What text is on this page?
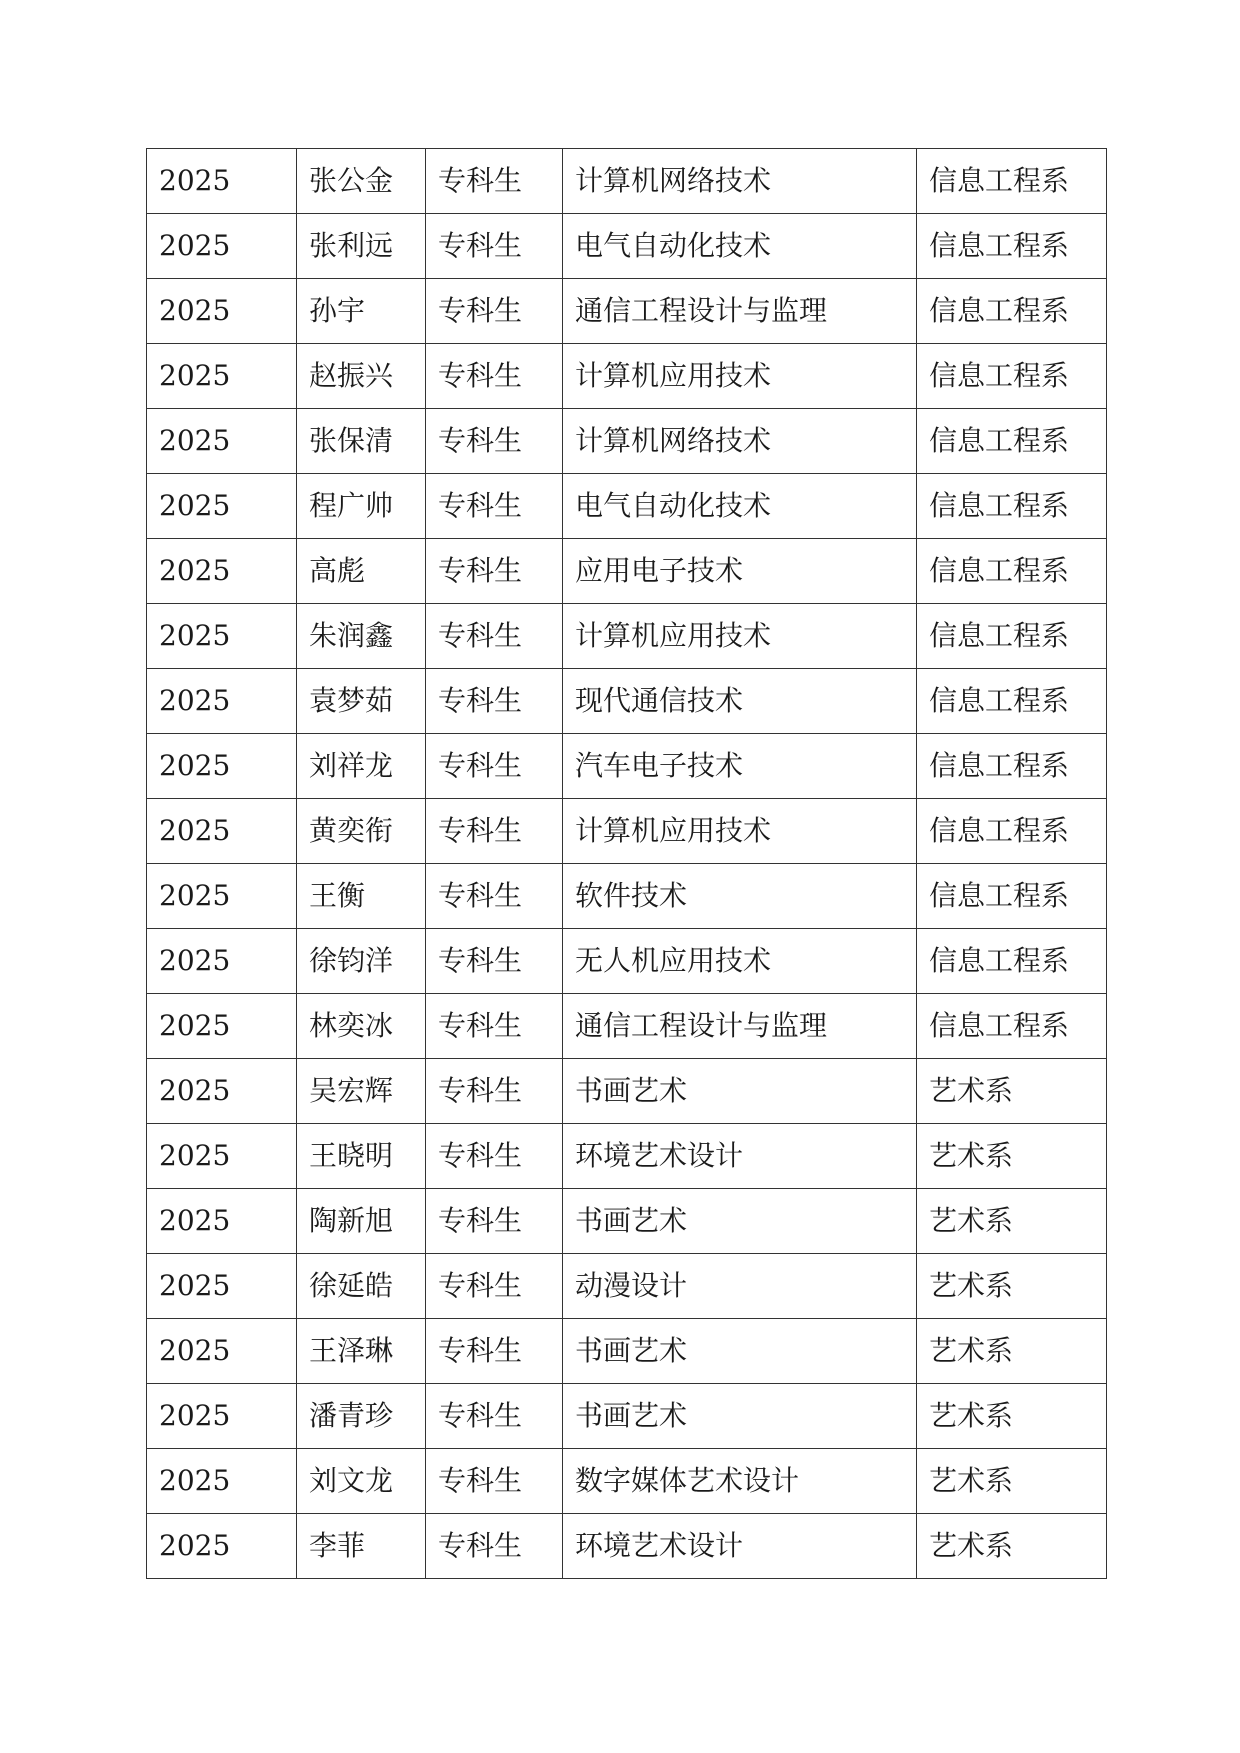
2025	张公金	专科生	计算机网络技术	信息工程系
2025	张利远	专科生	电气自动化技术	信息工程系
2025	孙宇	专科生	通信工程设计与监理	信息工程系
2025	赵振兴	专科生	计算机应用技术	信息工程系
2025	张保清	专科生	计算机网络技术	信息工程系
2025	程广帅	专科生	电气自动化技术	信息工程系
2025	高彪	专科生	应用电子技术	信息工程系
2025	朱润鑫	专科生	计算机应用技术	信息工程系
2025	袁梦茹	专科生	现代通信技术	信息工程系
2025	刘祥龙	专科生	汽车电子技术	信息工程系
2025	黄奕衔	专科生	计算机应用技术	信息工程系
2025	王衡	专科生	软件技术	信息工程系
2025	徐钧洋	专科生	无人机应用技术	信息工程系
2025	林奕冰	专科生	通信工程设计与监理	信息工程系
2025	吴宏辉	专科生	书画艺术	艺术系
2025	王晓明	专科生	环境艺术设计	艺术系
2025	陶新旭	专科生	书画艺术	艺术系
2025	徐延皓	专科生	动漫设计	艺术系
2025	王泽琳	专科生	书画艺术	艺术系
2025	潘青珍	专科生	书画艺术	艺术系
2025	刘文龙	专科生	数字媒体艺术设计	艺术系
2025	李菲	专科生	环境艺术设计	艺术系
